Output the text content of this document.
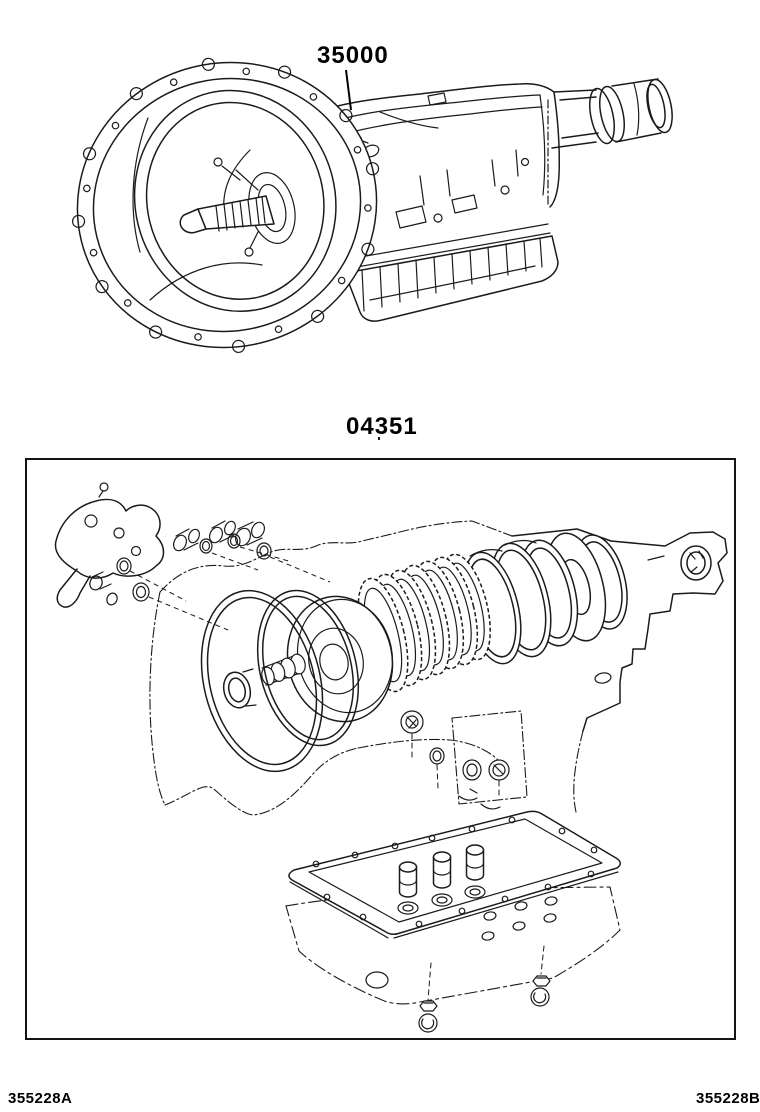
35000
04351
355228A	355228B
